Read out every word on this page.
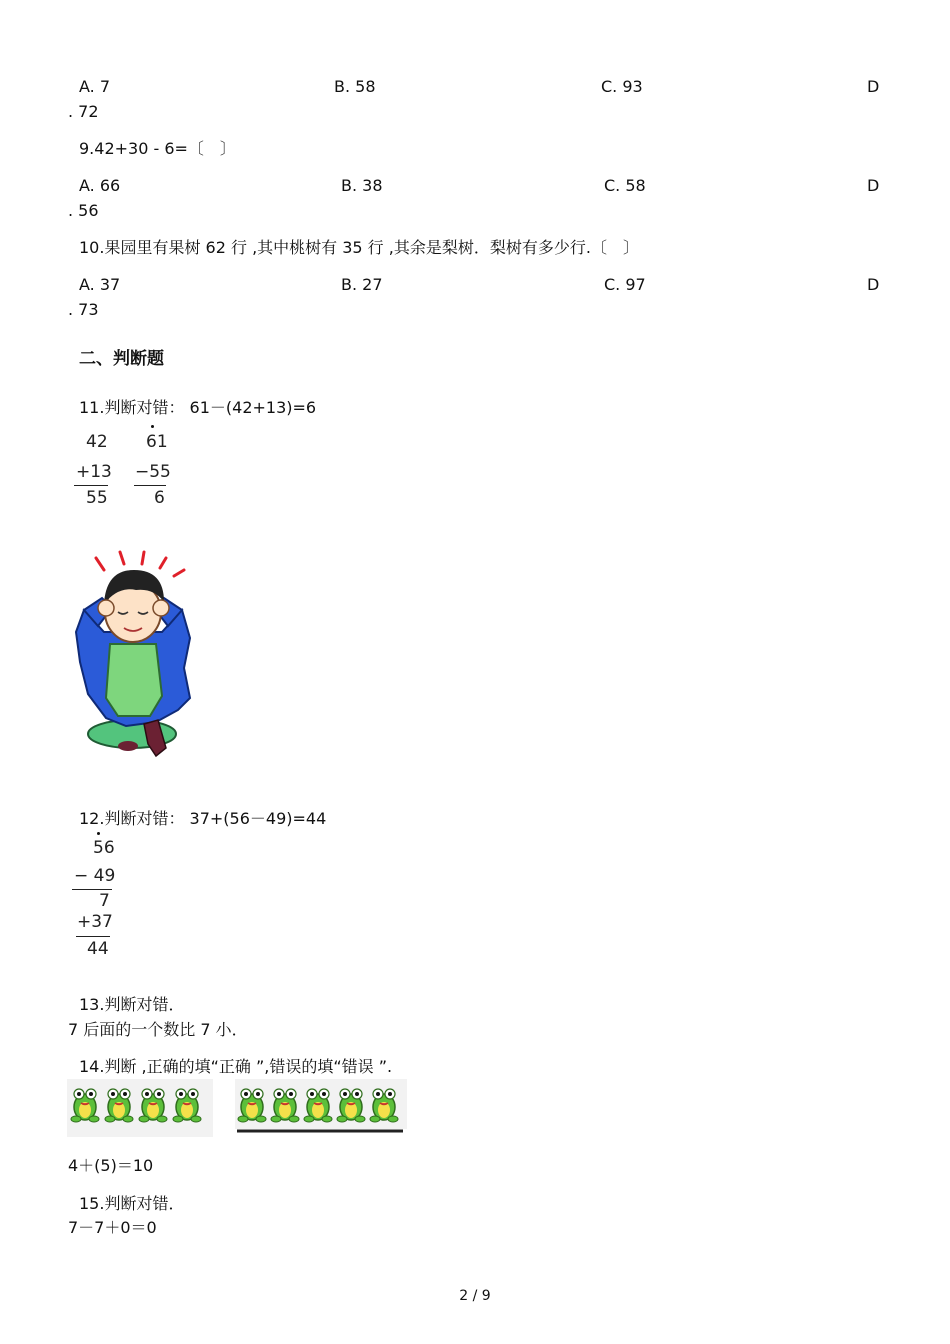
A. 7	B. 58	C. 93	D
. 72
9.42+30 - 6=〔　〕
A. 66	B. 38	C. 58	D
. 56
10.果园里有果树 62 行 ,其中桃树有 35 行 ,其余是梨树．梨树有多少行.〔　〕
A. 37	B. 27	C. 97	D
. 73
二、判断题
11.判断对错： 61－(42+13)=6
42
+13
55
61
−55
6
12.判断对错： 37+(56－49)=44
56
− 49
7
+37
44
13.判断对错．
7 后面的一个数比 7 小．
14.判断 ,正确的填“正确 ”,错误的填“错误 ”.
4＋(5)＝10
15.判断对错．
7－7＋0＝0
2 / 9
